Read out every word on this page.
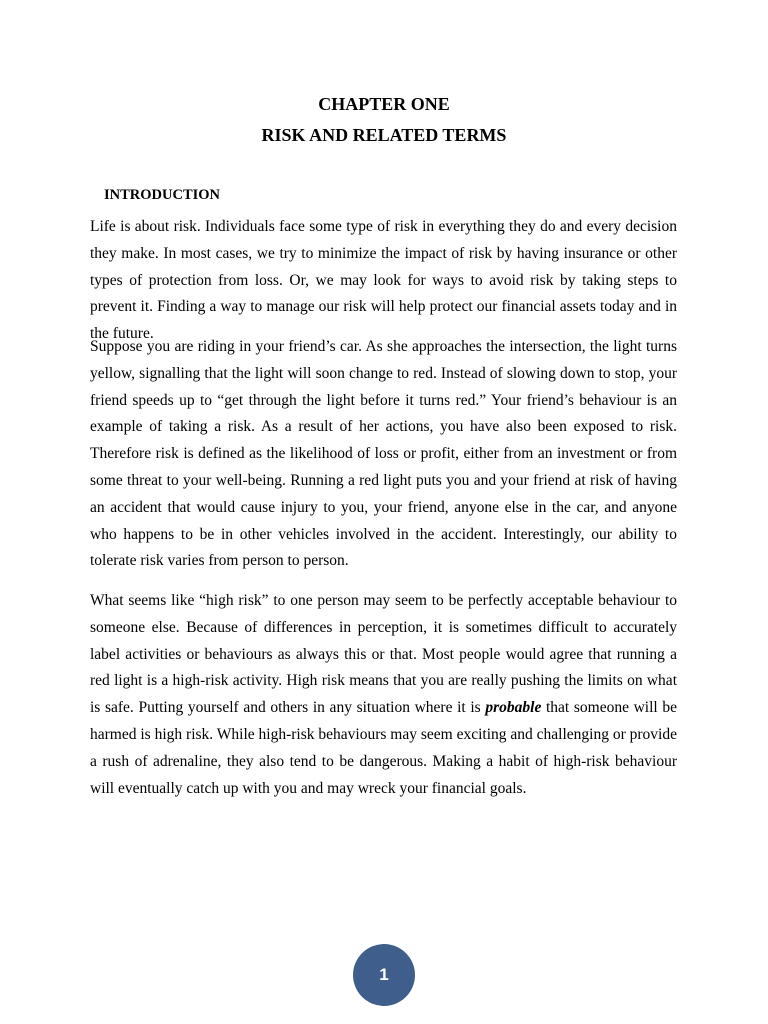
CHAPTER ONE
RISK AND RELATED TERMS
INTRODUCTION

Life is about risk. Individuals face some type of risk in everything they do and every decision they make. In most cases, we try to minimize the impact of risk by having insurance or other types of protection from loss. Or, we may look for ways to avoid risk by taking steps to prevent it. Finding a way to manage our risk will help protect our financial assets today and in the future.

Suppose you are riding in your friend’s car. As she approaches the intersection, the light turns yellow, signalling that the light will soon change to red. Instead of slowing down to stop, your friend speeds up to “get through the light before it turns red.” Your friend’s behaviour is an example of taking a risk. As a result of her actions, you have also been exposed to risk. Therefore risk is defined as the likelihood of loss or profit, either from an investment or from some threat to your well-being. Running a red light puts you and your friend at risk of having an accident that would cause injury to you, your friend, anyone else in the car, and anyone who happens to be in other vehicles involved in the accident. Interestingly, our ability to tolerate risk varies from person to person.

What seems like “high risk” to one person may seem to be perfectly acceptable behaviour to someone else. Because of differences in perception, it is sometimes difficult to accurately label activities or behaviours as always this or that. Most people would agree that running a red light is a high-risk activity. High risk means that you are really pushing the limits on what is safe. Putting yourself and others in any situation where it is probable that someone will be harmed is high risk. While high-risk behaviours may seem exciting and challenging or provide a rush of adrenaline, they also tend to be dangerous. Making a habit of high-risk behaviour will eventually catch up with you and may wreck your financial goals.

1
